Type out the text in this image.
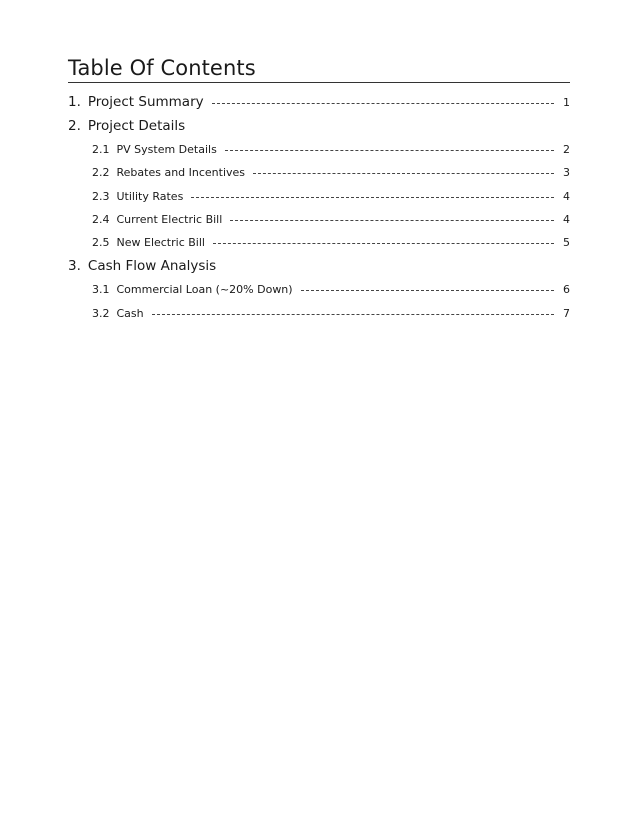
Table Of Contents
1. Project Summary	1
2. Project Details
2.1 PV System Details	2
2.2 Rebates and Incentives	3
2.3 Utility Rates	4
2.4 Current Electric Bill	4
2.5 New Electric Bill	5
3. Cash Flow Analysis
3.1 Commercial Loan (~20% Down)	6
3.2 Cash	7
